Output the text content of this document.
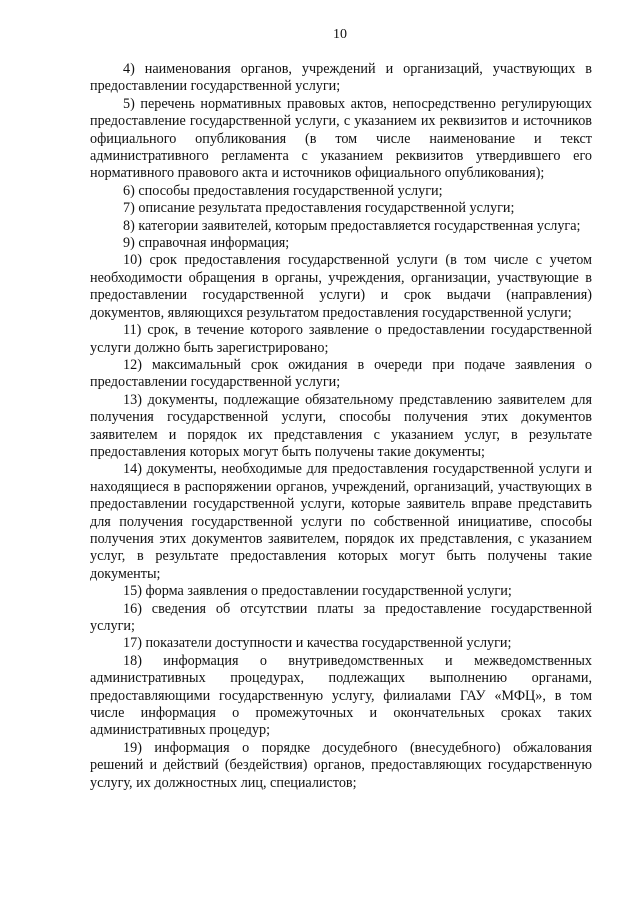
10

4) наименования органов, учреждений и организаций, участвующих в предоставлении государственной услуги;

5) перечень нормативных правовых актов, непосредственно регулирующих предоставление государственной услуги, с указанием их реквизитов и источников официального опубликования (в том числе наименование и текст административного регламента с указанием реквизитов утвердившего его нормативного правового акта и источников официального опубликования);

6) способы предоставления государственной услуги;

7) описание результата предоставления государственной услуги;

8) категории заявителей, которым предоставляется государственная услуга;

9) справочная информация;

10) срок предоставления государственной услуги (в том числе с учетом необходимости обращения в органы, учреждения, организации, участвующие в предоставлении государственной услуги) и срок выдачи (направления) документов, являющихся результатом предоставления государственной услуги;

11) срок, в течение которого заявление о предоставлении государственной услуги должно быть зарегистрировано;

12) максимальный срок ожидания в очереди при подаче заявления о предоставлении государственной услуги;

13) документы, подлежащие обязательному представлению заявителем для получения государственной услуги, способы получения этих документов заявителем и порядок их представления с указанием услуг, в результате предоставления которых могут быть получены такие документы;

14) документы, необходимые для предоставления государственной услуги и находящиеся в распоряжении органов, учреждений, организаций, участвующих в предоставлении государственной услуги, которые заявитель вправе представить для получения государственной услуги по собственной инициативе, способы получения этих документов заявителем, порядок их представления, с указанием услуг, в результате предоставления которых могут быть получены такие документы;

15) форма заявления о предоставлении государственной услуги;

16) сведения об отсутствии платы за предоставление государственной услуги;

17) показатели доступности и качества государственной услуги;

18) информация о внутриведомственных и межведомственных административных процедурах, подлежащих выполнению органами, предоставляющими государственную услугу, филиалами ГАУ «МФЦ», в том числе информация о промежуточных и окончательных сроках таких административных процедур;

19) информация о порядке досудебного (внесудебного) обжалования решений и действий (бездействия) органов, предоставляющих государственную услугу, их должностных лиц, специалистов;
